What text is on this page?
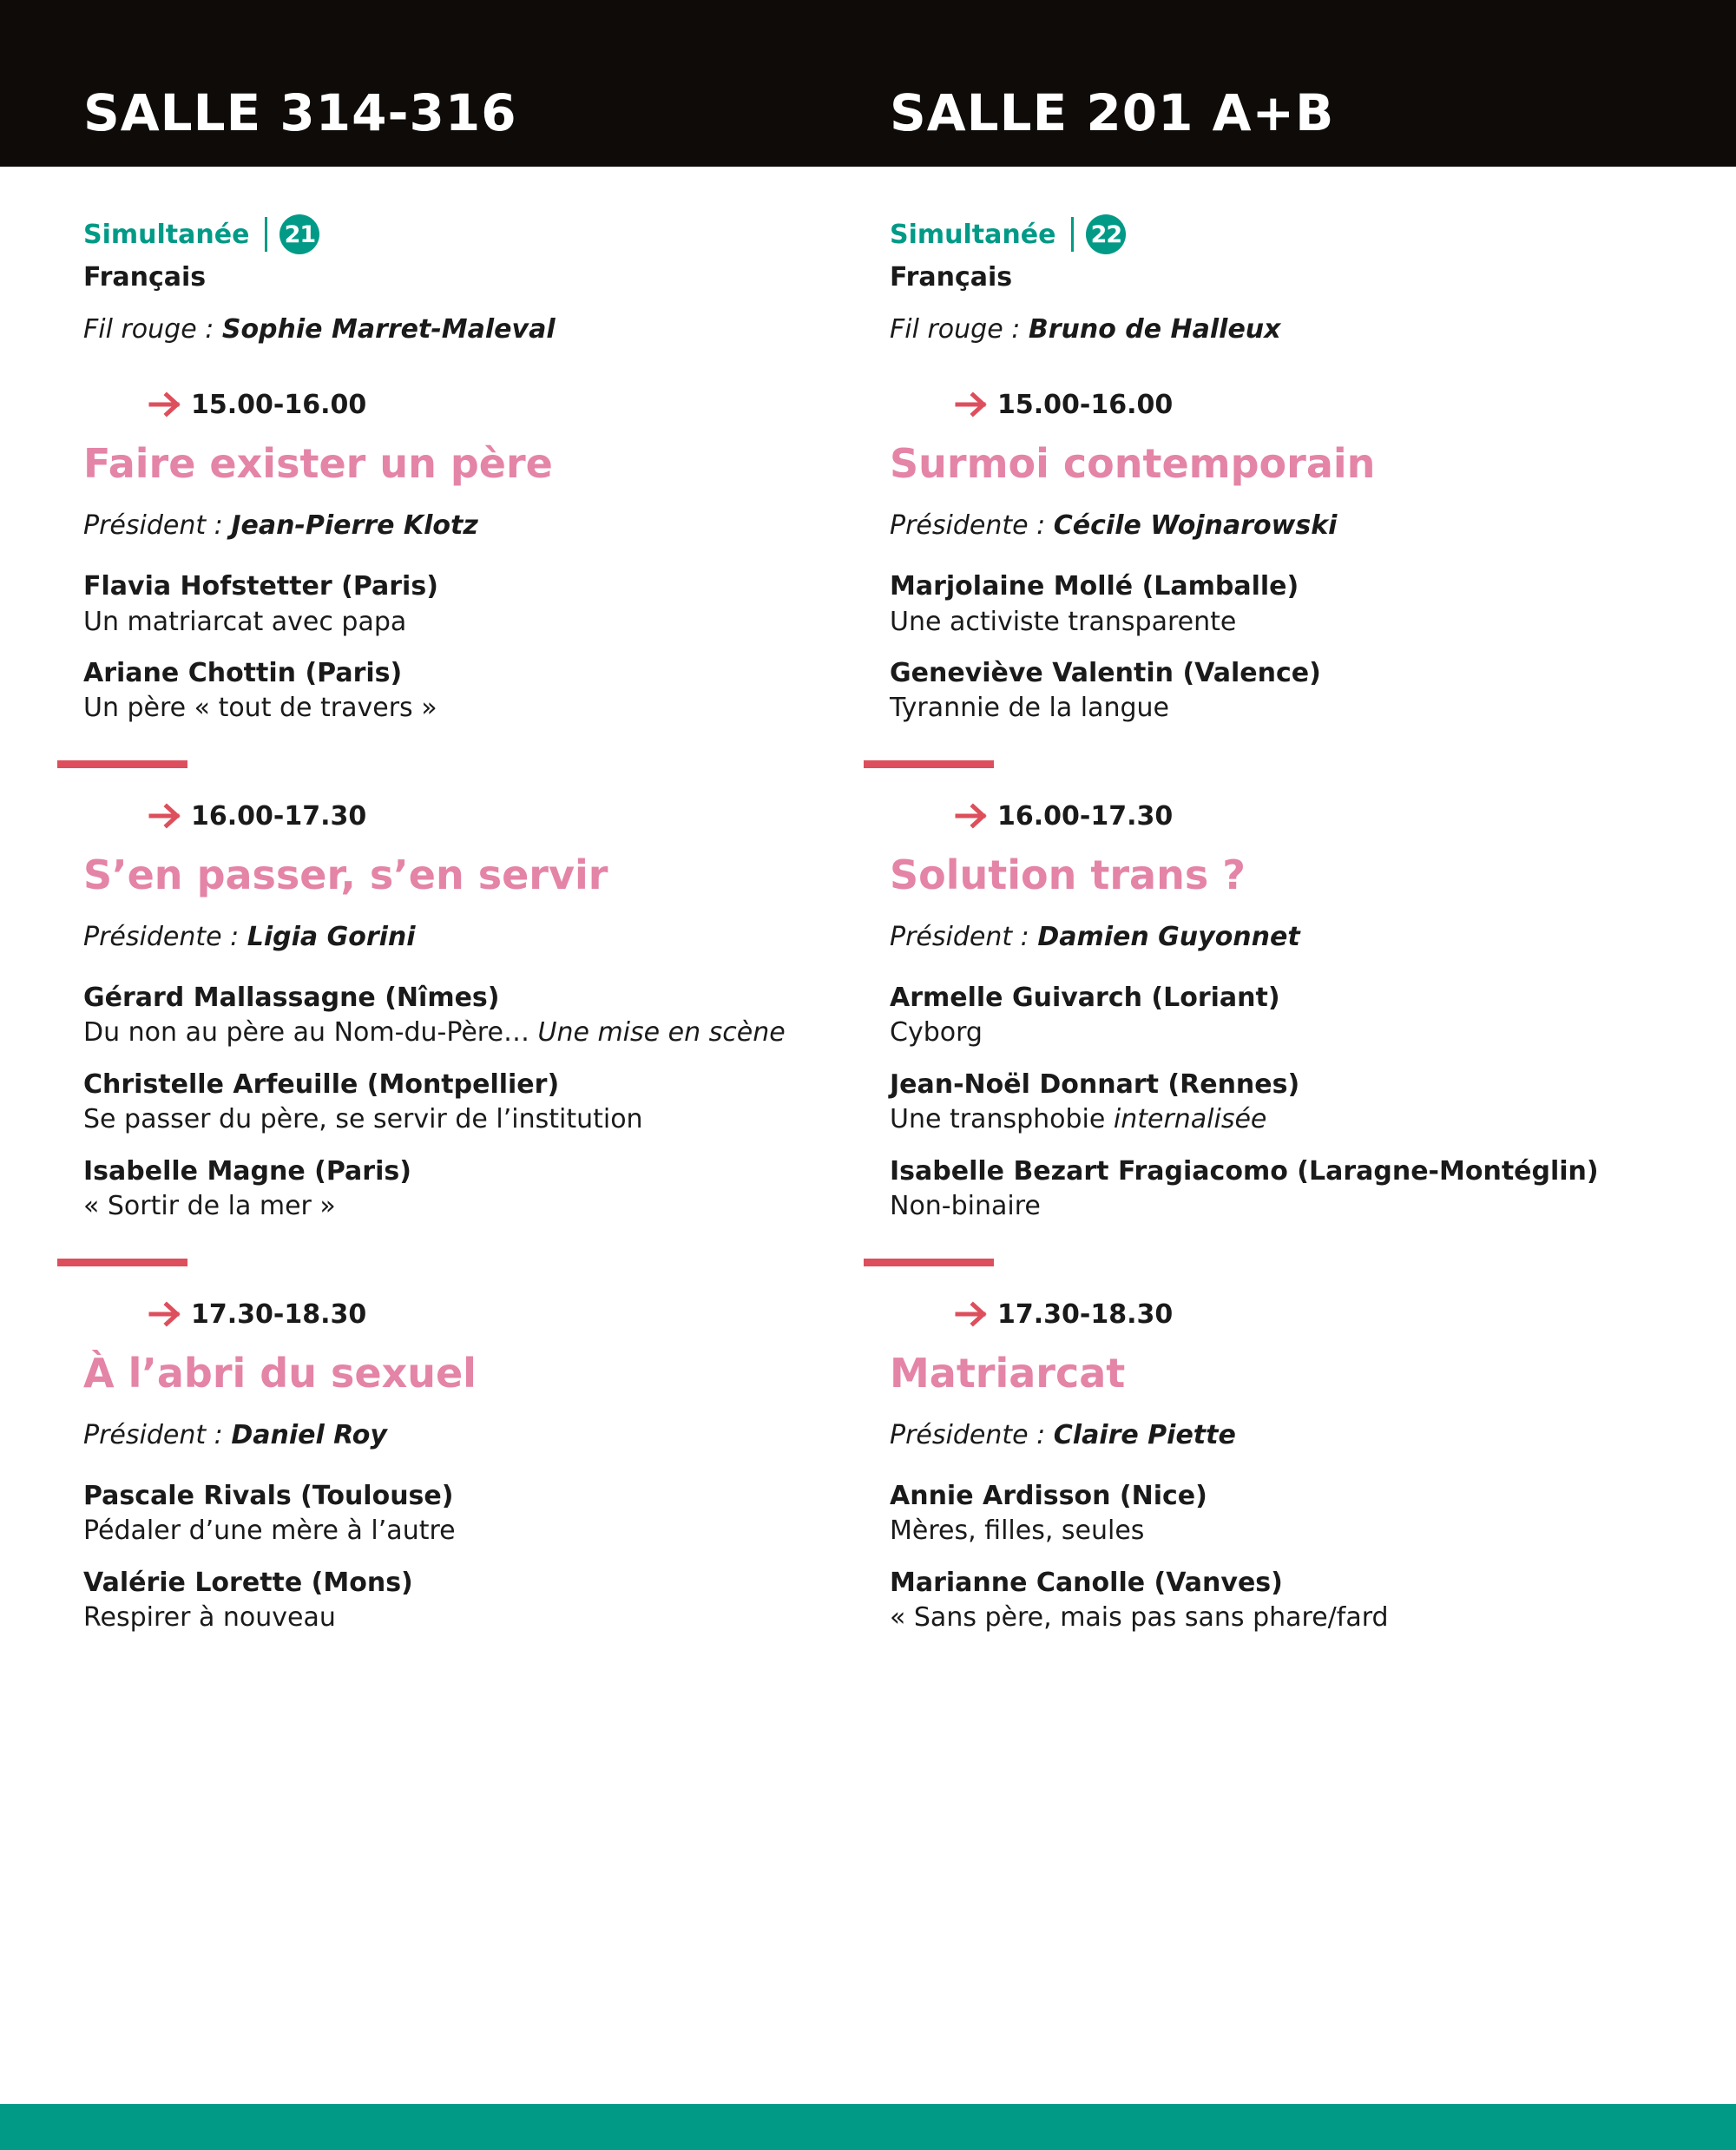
SALLE 314-316	SALLE 201 A+B
Simultanée 21
Français
Fil rouge : Sophie Marret-Maleval
15.00-16.00
Faire exister un père
Président : Jean-Pierre Klotz
Flavia Hofstetter (Paris)
Un matriarcat avec papa
Ariane Chottin (Paris)
Un père « tout de travers »
16.00-17.30
S’en passer, s’en servir
Présidente : Ligia Gorini
Gérard Mallassagne (Nîmes)
Du non au père au Nom-du-Père… Une mise en scène
Christelle Arfeuille (Montpellier)
Se passer du père, se servir de l’institution
Isabelle Magne (Paris)
« Sortir de la mer »
17.30-18.30
À l’abri du sexuel
Président : Daniel Roy
Pascale Rivals (Toulouse)
Pédaler d’une mère à l’autre
Valérie Lorette (Mons)
Respirer à nouveau
Simultanée 22
Français
Fil rouge : Bruno de Halleux
15.00-16.00
Surmoi contemporain
Présidente : Cécile Wojnarowski
Marjolaine Mollé (Lamballe)
Une activiste transparente
Geneviève Valentin (Valence)
Tyrannie de la langue
16.00-17.30
Solution trans ?
Président : Damien Guyonnet
Armelle Guivarch (Loriant)
Cyborg
Jean-Noël Donnart (Rennes)
Une transphobie internalisée
Isabelle Bezart Fragiacomo (Laragne-Montéglin)
Non-binaire
17.30-18.30
Matriarcat
Présidente : Claire Piette
Annie Ardisson (Nice)
Mères, filles, seules
Marianne Canolle (Vanves)
« Sans père, mais pas sans phare/fard
